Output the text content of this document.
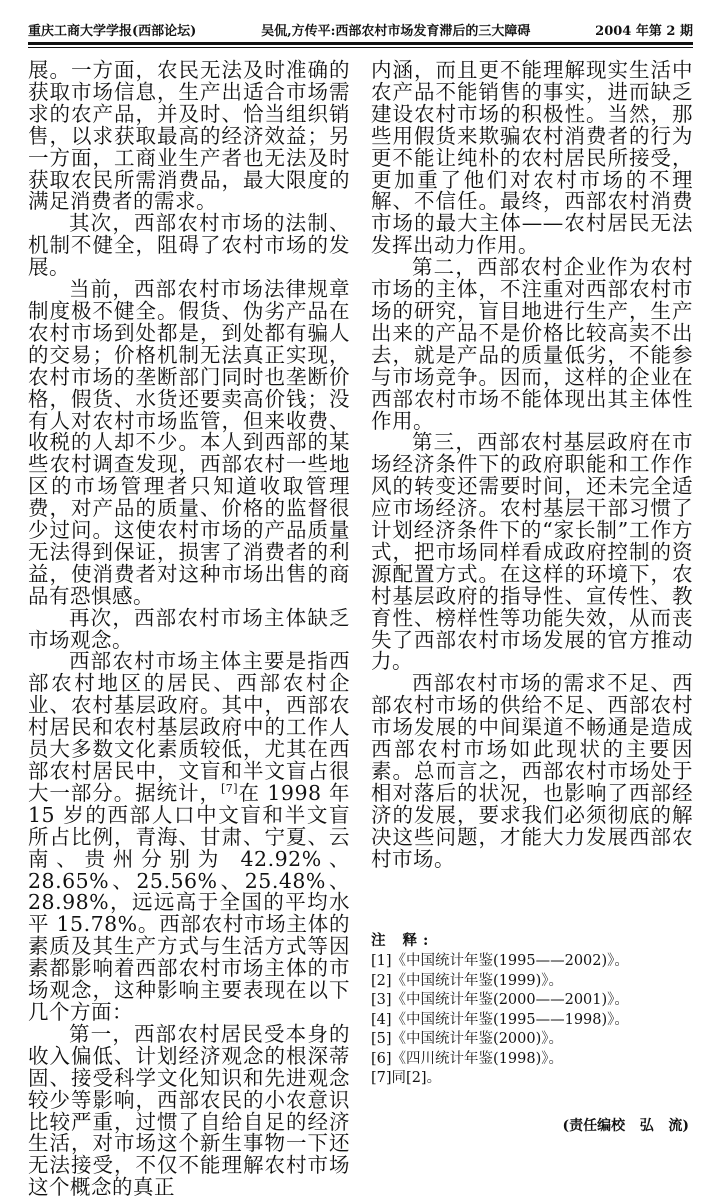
重庆工商大学学报(西部论坛)	吴侃,方传平:西部农村市场发育滞后的三大障碍	2004 年第 2 期

展。一方面，农民无法及时准确的获取市场信息，生产出适合市场需求的农产品，并及时、恰当组织销售，以求获取最高的经济效益；另一方面，工商业生产者也无法及时获取农民所需消费品，最大限度的满足消费者的需求。

其次，西部农村市场的法制、机制不健全，阻碍了农村市场的发展。

当前，西部农村市场法律规章制度极不健全。假货、伪劣产品在农村市场到处都是，到处都有骗人的交易；价格机制无法真正实现，农村市场的垄断部门同时也垄断价格，假货、水货还要卖高价钱；没有人对农村市场监管，但来收费、收税的人却不少。本人到西部的某些农村调查发现，西部农村一些地区的市场管理者只知道收取管理费，对产品的质量、价格的监督很少过问。这使农村市场的产品质量无法得到保证，损害了消费者的利益，使消费者对这种市场出售的商品有恐惧感。

再次，西部农村市场主体缺乏市场观念。

西部农村市场主体主要是指西部农村地区的居民、西部农村企业、农村基层政府。其中，西部农村居民和农村基层政府中的工作人员大多数文化素质较低，尤其在西部农村居民中，文盲和半文盲占很大一部分。据统计，[7]在 1998 年 15 岁的西部人口中文盲和半文盲所占比例，青海、甘肃、宁夏、云南、贵州分别为 42.92%、28.65%、25.56%、25.48%、28.98%，远远高于全国的平均水平 15.78%。西部农村市场主体的素质及其生产方式与生活方式等因素都影响着西部农村市场主体的市场观念，这种影响主要表现在以下几个方面：

第一，西部农村居民受本身的收入偏低、计划经济观念的根深蒂固、接受科学文化知识和先进观念较少等影响，西部农民的小农意识比较严重，过惯了自给自足的经济生活，对市场这个新生事物一下还无法接受，不仅不能理解农村市场这个概念的真正

内涵，而且更不能理解现实生活中农产品不能销售的事实，进而缺乏建设农村市场的积极性。当然，那些用假货来欺骗农村消费者的行为更不能让纯朴的农村居民所接受，更加重了他们对农村市场的不理解、不信任。最终，西部农村消费市场的最大主体——农村居民无法发挥出动力作用。

第二，西部农村企业作为农村市场的主体，不注重对西部农村市场的研究，盲目地进行生产，生产出来的产品不是价格比较高卖不出去，就是产品的质量低劣，不能参与市场竞争。因而，这样的企业在西部农村市场不能体现出其主体性作用。

第三，西部农村基层政府在市场经济条件下的政府职能和工作作风的转变还需要时间，还未完全适应市场经济。农村基层干部习惯了计划经济条件下的“家长制”工作方式，把市场同样看成政府控制的资源配置方式。在这样的环境下，农村基层政府的指导性、宣传性、教育性、榜样性等功能失效，从而丧失了西部农村市场发展的官方推动力。

西部农村市场的需求不足、西部农村市场的供给不足、西部农村市场发展的中间渠道不畅通是造成西部农村市场如此现状的主要因素。总而言之，西部农村市场处于相对落后的状况，也影响了西部经济的发展，要求我们必须彻底的解决这些问题，才能大力发展西部农村市场。

注 释:
[1]《中国统计年鉴(1995——2002)》。
[2]《中国统计年鉴(1999)》。
[3]《中国统计年鉴(2000——2001)》。
[4]《中国统计年鉴(1995——1998)》。
[5]《中国统计年鉴(2000)》。
[6]《四川统计年鉴(1998)》。
[7]同[2]。
(责任编校   弘   流)
